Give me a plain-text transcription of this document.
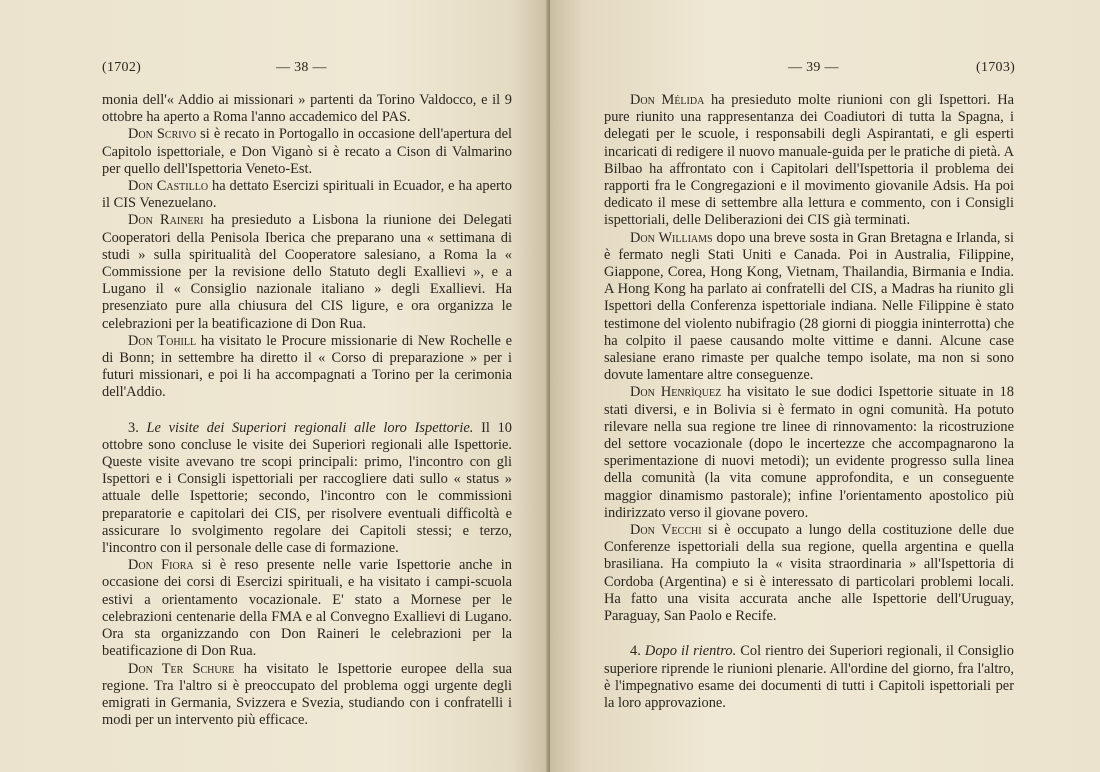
(1702)	— 38 —

monia dell'« Addio ai missionari » partenti da Torino Valdocco, e il 9 ottobre ha aperto a Roma l'anno accademico del PAS.

Don Scrivo si è recato in Portogallo in occasione dell'apertura del Capitolo ispettoriale, e Don Viganò si è recato a Cison di Valmarino per quello dell'Ispettoria Veneto-Est.

Don Castillo ha dettato Esercizi spirituali in Ecuador, e ha aperto il CIS Venezuelano.

Don Raineri ha presieduto a Lisbona la riunione dei Delegati Cooperatori della Penisola Iberica che preparano una « settimana di studi » sulla spiritualità del Cooperatore salesiano, a Roma la « Commissione per la revisione dello Statuto degli Exallievi », e a Lugano il « Consiglio nazionale italiano » degli Exallievi. Ha presenziato pure alla chiusura del CIS ligure, e ora organizza le celebrazioni per la beatificazione di Don Rua.

Don Tohill ha visitato le Procure missionarie di New Rochelle e di Bonn; in settembre ha diretto il « Corso di preparazione » per i futuri missionari, e poi li ha accompagnati a Torino per la cerimonia dell'Addio.

3. Le visite dei Superiori regionali alle loro Ispettorie. Il 10 ottobre sono concluse le visite dei Superiori regionali alle Ispettorie. Queste visite avevano tre scopi principali: primo, l'incontro con gli Ispettori e i Consigli ispettoriali per raccogliere dati sullo « status » attuale delle Ispettorie; secondo, l'incontro con le commissioni preparatorie e capitolari dei CIS, per risolvere eventuali difficoltà e assicurare lo svolgimento regolare dei Capitoli stessi; e terzo, l'incontro con il personale delle case di formazione.

Don Fiora si è reso presente nelle varie Ispettorie anche in occasione dei corsi di Esercizi spirituali, e ha visitato i campi-scuola estivi a orientamento vocazionale. E' stato a Mornese per le celebrazioni centenarie della FMA e al Convegno Exallievi di Lugano. Ora sta organizzando con Don Raineri le celebrazioni per la beatificazione di Don Rua.

Don Ter Schure ha visitato le Ispettorie europee della sua regione. Tra l'altro si è preoccupato del problema oggi urgente degli emigrati in Germania, Svizzera e Svezia, studiando con i confratelli i modi per un intervento più efficace.

— 39 —	(1703)

Don Mélida ha presieduto molte riunioni con gli Ispettori. Ha pure riunito una rappresentanza dei Coadiutori di tutta la Spagna, i delegati per le scuole, i responsabili degli Aspirantati, e gli esperti incaricati di redigere il nuovo manuale-guida per le pratiche di pietà. A Bilbao ha affrontato con i Capitolari dell'Ispettoria il problema dei rapporti fra le Congregazioni e il movimento giovanile Adsis. Ha poi dedicato il mese di settembre alla lettura e commento, con i Consigli ispettoriali, delle Deliberazioni dei CIS già terminati.

Don Williams dopo una breve sosta in Gran Bretagna e Irlanda, si è fermato negli Stati Uniti e Canada. Poi in Australia, Filippine, Giappone, Corea, Hong Kong, Vietnam, Thailandia, Birmania e India. A Hong Kong ha parlato ai confratelli del CIS, a Madras ha riunito gli Ispettori della Conferenza ispettoriale indiana. Nelle Filippine è stato testimone del violento nubifragio (28 giorni di pioggia ininterrotta) che ha colpito il paese causando molte vittime e danni. Alcune case salesiane erano rimaste per qualche tempo isolate, ma non si sono dovute lamentare altre conseguenze.

Don Henrìquez ha visitato le sue dodici Ispettorie situate in 18 stati diversi, e in Bolivia si è fermato in ogni comunità. Ha potuto rilevare nella sua regione tre linee di rinnovamento: la ricostruzione del settore vocazionale (dopo le incertezze che accompagnarono la sperimentazione di nuovi metodi); un evidente progresso sulla linea della comunità (la vita comune approfondita, e un conseguente maggior dinamismo pastorale); infine l'orientamento apostolico più indirizzato verso il giovane povero.

Don Vecchi si è occupato a lungo della costituzione delle due Conferenze ispettoriali della sua regione, quella argentina e quella brasiliana. Ha compiuto la « visita straordinaria » all'Ispettoria di Cordoba (Argentina) e si è interessato di particolari problemi locali. Ha fatto una visita accurata anche alle Ispettorie dell'Uruguay, Paraguay, San Paolo e Recife.

4. Dopo il rientro. Col rientro dei Superiori regionali, il Consiglio superiore riprende le riunioni plenarie. All'ordine del giorno, fra l'altro, è l'impegnativo esame dei documenti di tutti i Capitoli ispettoriali per la loro approvazione.
